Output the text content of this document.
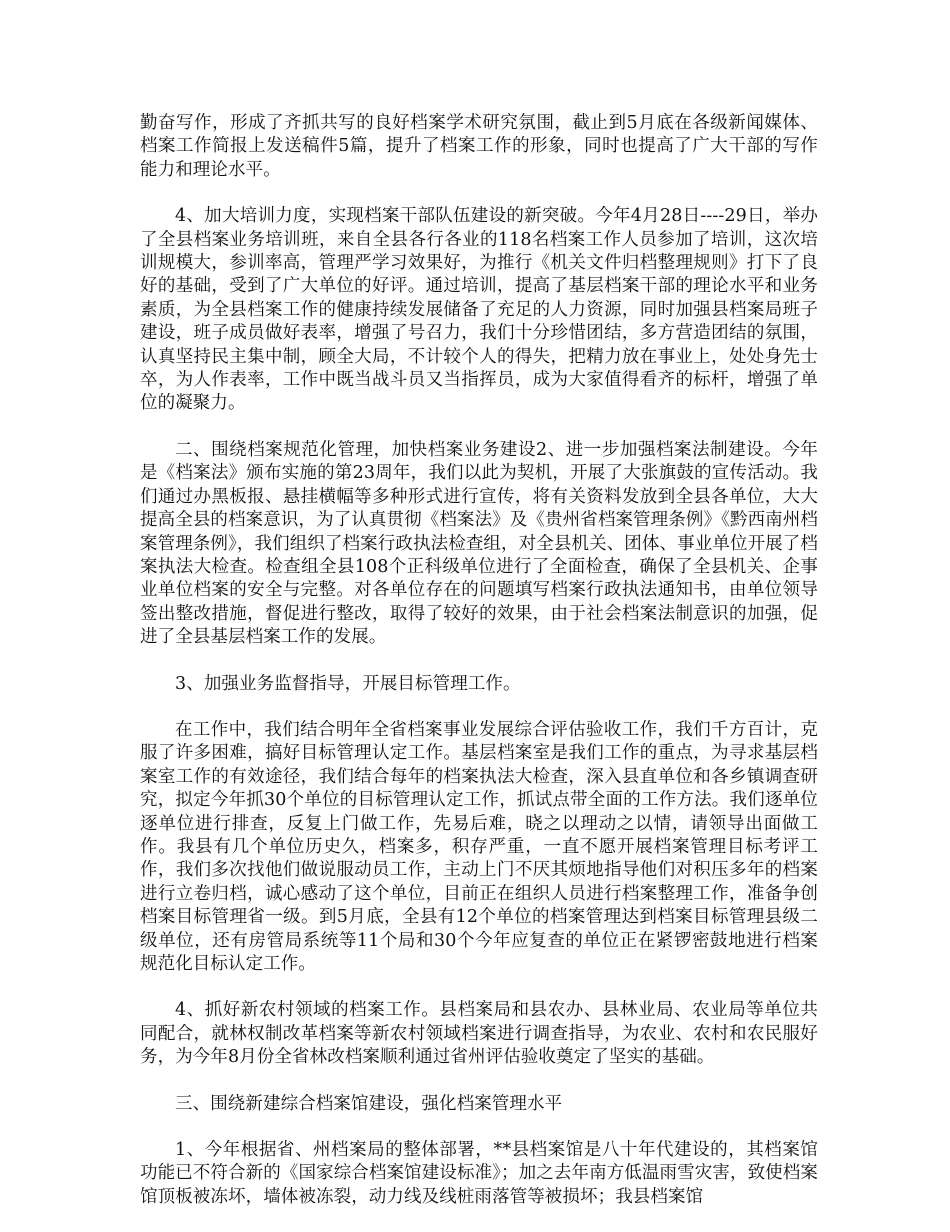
勤奋写作，形成了齐抓共写的良好档案学术研究氛围，截止到5月底在各级新闻媒体、档案工作简报上发送稿件5篇，提升了档案工作的形象，同时也提高了广大干部的写作能力和理论水平。

4、加大培训力度，实现档案干部队伍建设的新突破。今年4月28日----29日，举办了全县档案业务培训班，来自全县各行各业的118名档案工作人员参加了培训，这次培训规模大，参训率高，管理严学习效果好，为推行《机关文件归档整理规则》打下了良好的基础，受到了广大单位的好评。通过培训，提高了基层档案干部的理论水平和业务素质，为全县档案工作的健康持续发展储备了充足的人力资源，同时加强县档案局班子建设，班子成员做好表率，增强了号召力，我们十分珍惜团结，多方营造团结的氛围，认真坚持民主集中制，顾全大局，不计较个人的得失，把精力放在事业上，处处身先士卒，为人作表率，工作中既当战斗员又当指挥员，成为大家值得看齐的标杆，增强了单位的凝聚力。

二、围绕档案规范化管理，加快档案业务建设2、进一步加强档案法制建设。今年是《档案法》颁布实施的第23周年，我们以此为契机，开展了大张旗鼓的宣传活动。我们通过办黑板报、悬挂横幅等多种形式进行宣传，将有关资料发放到全县各单位，大大提高全县的档案意识，为了认真贯彻《档案法》及《贵州省档案管理条例》《黔西南州档案管理条例》，我们组织了档案行政执法检查组，对全县机关、团体、事业单位开展了档案执法大检查。检查组全县108个正科级单位进行了全面检查，确保了全县机关、企事业单位档案的安全与完整。对各单位存在的问题填写档案行政执法通知书，由单位领导签出整改措施，督促进行整改，取得了较好的效果，由于社会档案法制意识的加强，促进了全县基层档案工作的发展。

3、加强业务监督指导，开展目标管理工作。

在工作中，我们结合明年全省档案事业发展综合评估验收工作，我们千方百计，克服了许多困难，搞好目标管理认定工作。基层档案室是我们工作的重点，为寻求基层档案室工作的有效途径，我们结合每年的档案执法大检查，深入县直单位和各乡镇调查研究，拟定今年抓30个单位的目标管理认定工作，抓试点带全面的工作方法。我们逐单位逐单位进行排查，反复上门做工作，先易后难，晓之以理动之以情，请领导出面做工作。我县有几个单位历史久，档案多，积存严重，一直不愿开展档案管理目标考评工作，我们多次找他们做说服动员工作，主动上门不厌其烦地指导他们对积压多年的档案进行立卷归档，诚心感动了这个单位，目前正在组织人员进行档案整理工作，准备争创档案目标管理省一级。到5月底，全县有12个单位的档案管理达到档案目标管理县级二级单位，还有房管局系统等11个局和30个今年应复查的单位正在紧锣密鼓地进行档案规范化目标认定工作。

4、抓好新农村领域的档案工作。县档案局和县农办、县林业局、农业局等单位共同配合，就林权制改革档案等新农村领域档案进行调查指导，为农业、农村和农民服好务，为今年8月份全省林改档案顺利通过省州评估验收奠定了坚实的基础。

三、围绕新建综合档案馆建设，强化档案管理水平

1、今年根据省、州档案局的整体部署，**县档案馆是八十年代建设的，其档案馆功能已不符合新的《国家综合档案馆建设标准》；加之去年南方低温雨雪灾害，致使档案馆顶板被冻坏，墙体被冻裂，动力线及线桩雨落管等被损坏；我县档案馆
